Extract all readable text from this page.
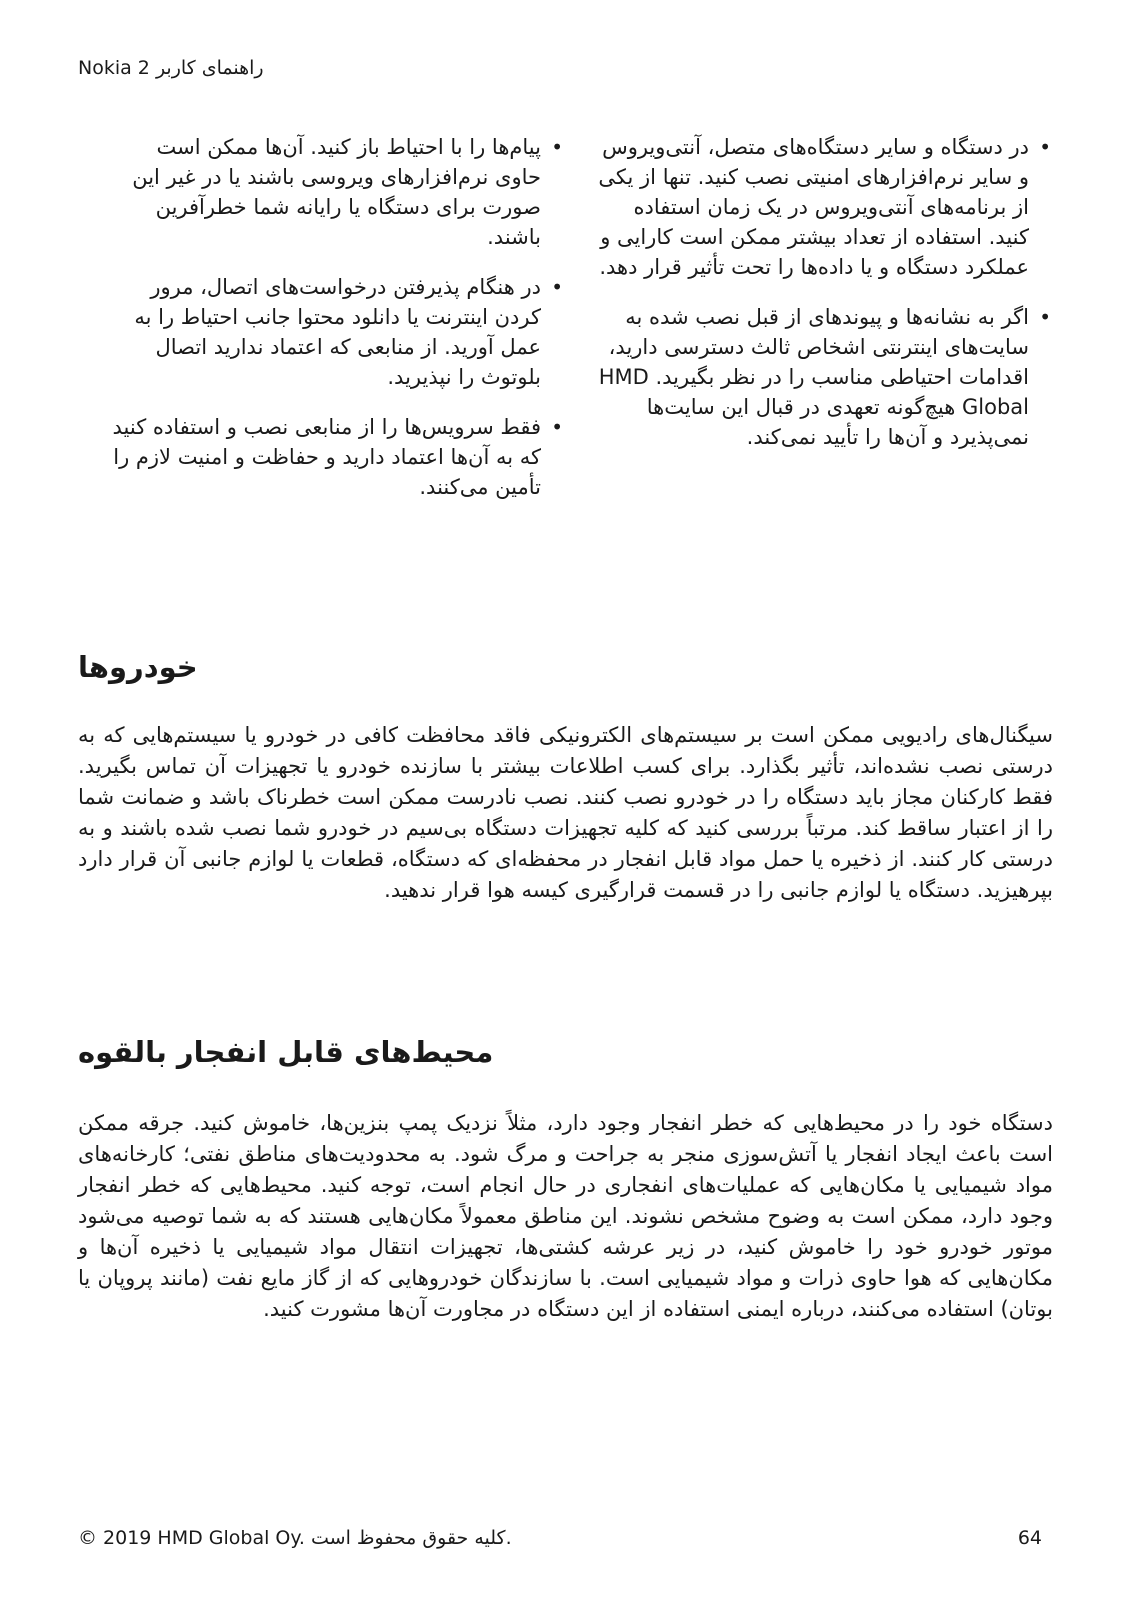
Nokia 2 راهنمای کاربر
• در دستگاه و سایر دستگاه‌های متصل، آنتی‌ویروس و سایر نرم‌افزارهای امنیتی نصب کنید. تنها از یکی از برنامه‌های آنتی‌ویروس در یک زمان استفاده کنید. استفاده از تعداد بیشتر ممکن است کارایی و عملکرد دستگاه و یا داده‌ها را تحت تأثیر قرار دهد.
• اگر به نشانه‌ها و پیوندهای از قبل نصب شده به سایت‌های اینترنتی اشخاص ثالث دسترسی دارید، اقدامات احتیاطی مناسب را در نظر بگیرید. HMD Global هیچ‌گونه تعهدی در قبال این سایت‌ها نمی‌پذیرد و آن‌ها را تأیید نمی‌کند.
• پیام‌ها را با احتیاط باز کنید. آن‌ها ممکن است حاوی نرم‌افزارهای ویروسی باشند یا در غیر این صورت برای دستگاه یا رایانه شما خطرآفرین باشند.
• در هنگام پذیرفتن درخواست‌های اتصال، مرور کردن اینترنت یا دانلود محتوا جانب احتیاط را به عمل آورید. از منابعی که اعتماد ندارید اتصال بلوتوث را نپذیرید.
• فقط سرویس‌ها را از منابعی نصب و استفاده کنید که به آن‌ها اعتماد دارید و حفاظت و امنیت لازم را تأمین می‌کنند.
خودروها

سیگنال‌های رادیویی ممکن است بر سیستم‌های الکترونیکی فاقد محافظت کافی در خودرو یا سیستم‌هایی که به درستی نصب نشده‌اند، تأثیر بگذارد. برای کسب اطلاعات بیشتر با سازنده خودرو یا تجهیزات آن تماس بگیرید. فقط کارکنان مجاز باید دستگاه را در خودرو نصب کنند. نصب نادرست ممکن است خطرناک باشد و ضمانت شما را از اعتبار ساقط کند. مرتباً بررسی کنید که کلیه تجهیزات دستگاه بی‌سیم در خودرو شما نصب شده باشند و به درستی کار کنند. از ذخیره یا حمل مواد قابل انفجار در محفظه‌ای که دستگاه، قطعات یا لوازم جانبی آن قرار دارد بپرهیزید. دستگاه یا لوازم جانبی را در قسمت قرارگیری کیسه هوا قرار ندهید.

محیط‌های قابل انفجار بالقوه

دستگاه خود را در محیط‌هایی که خطر انفجار وجود دارد، مثلاً نزدیک پمپ بنزین‌ها، خاموش کنید. جرقه ممکن است باعث ایجاد انفجار یا آتش‌سوزی منجر به جراحت و مرگ شود. به محدودیت‌های مناطق نفتی؛ کارخانه‌های مواد شیمیایی یا مکان‌هایی که عملیات‌های انفجاری در حال انجام است، توجه کنید. محیط‌هایی که خطر انفجار وجود دارد، ممکن است به وضوح مشخص نشوند. این مناطق معمولاً مکان‌هایی هستند که به شما توصیه می‌شود موتور خودرو خود را خاموش کنید، در زیر عرشه کشتی‌ها، تجهیزات انتقال مواد شیمیایی یا ذخیره آن‌ها و مکان‌هایی که هوا حاوی ذرات و مواد شیمیایی است. با سازندگان خودروهایی که از گاز مایع نفت (مانند پروپان یا بوتان) استفاده می‌کنند، درباره ایمنی استفاده از این دستگاه در مجاورت آن‌ها مشورت کنید.

© 2019 HMD Global Oy. کلیه حقوق محفوظ است.	64
